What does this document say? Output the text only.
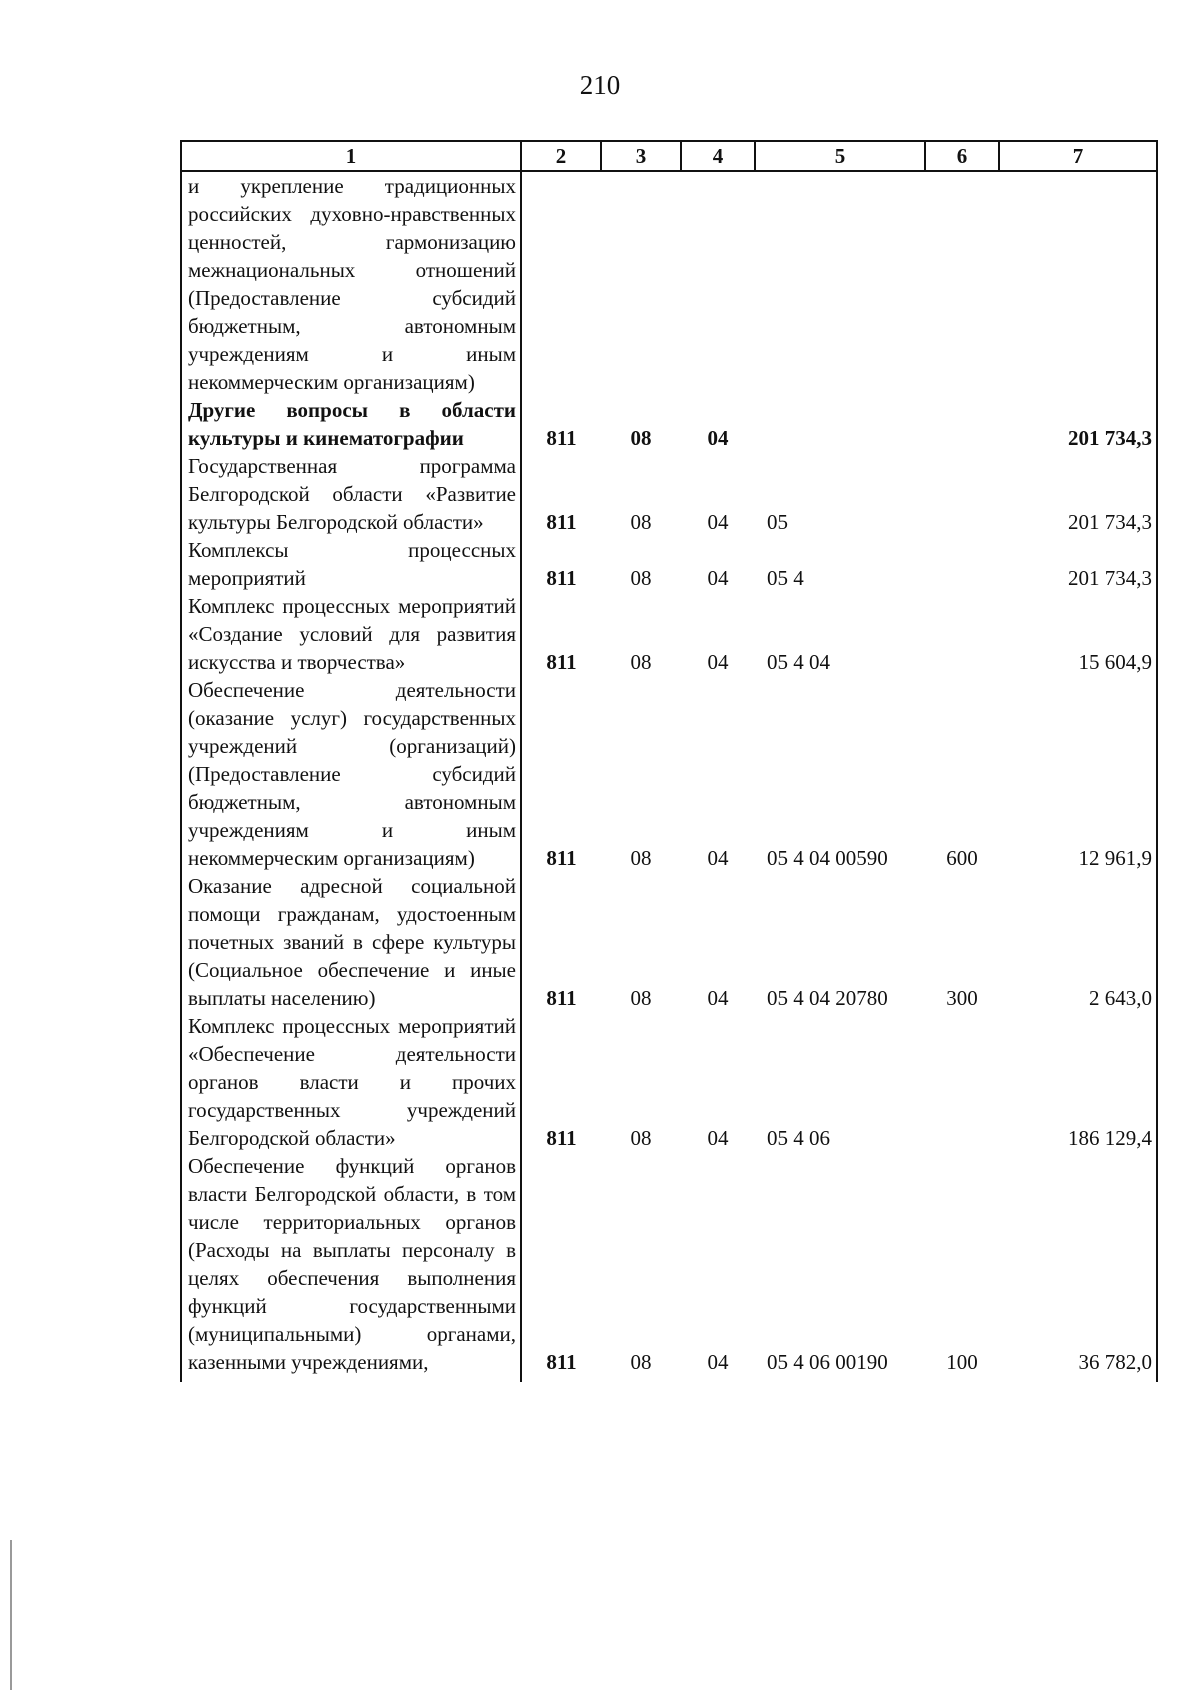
210
1	2	3	4	5	6	7
и укрепление традиционных российских духовно-нравственных ценностей, гармонизацию межнациональных отношений (Предоставление субсидий бюджетным, автономным учреждениям и иным некоммерческим организациям)						
Другие вопросы в области культуры и кинематографии	811	08	04			201 734,3
Государственная программа Белгородской области «Развитие культуры Белгородской области»	811	08	04	05		201 734,3
Комплексы процессных мероприятий	811	08	04	05 4		201 734,3
Комплекс процессных мероприятий «Создание условий для развития искусства и творчества»	811	08	04	05 4 04		15 604,9
Обеспечение деятельности (оказание услуг) государственных учреждений (организаций) (Предоставление субсидий бюджетным, автономным учреждениям и иным некоммерческим организациям)	811	08	04	05 4 04 00590	600	12 961,9
Оказание адресной социальной помощи гражданам, удостоенным почетных званий в сфере культуры (Социальное обеспечение и иные выплаты населению)	811	08	04	05 4 04 20780	300	2 643,0
Комплекс процессных мероприятий «Обеспечение деятельности органов власти и прочих государственных учреждений Белгородской области»	811	08	04	05 4 06		186 129,4
Обеспечение функций органов власти Белгородской области, в том числе территориальных органов (Расходы на выплаты персоналу в целях обеспечения выполнения функций государственными (муниципальными) органами, казенными учреждениями,	811	08	04	05 4 06 00190	100	36 782,0
